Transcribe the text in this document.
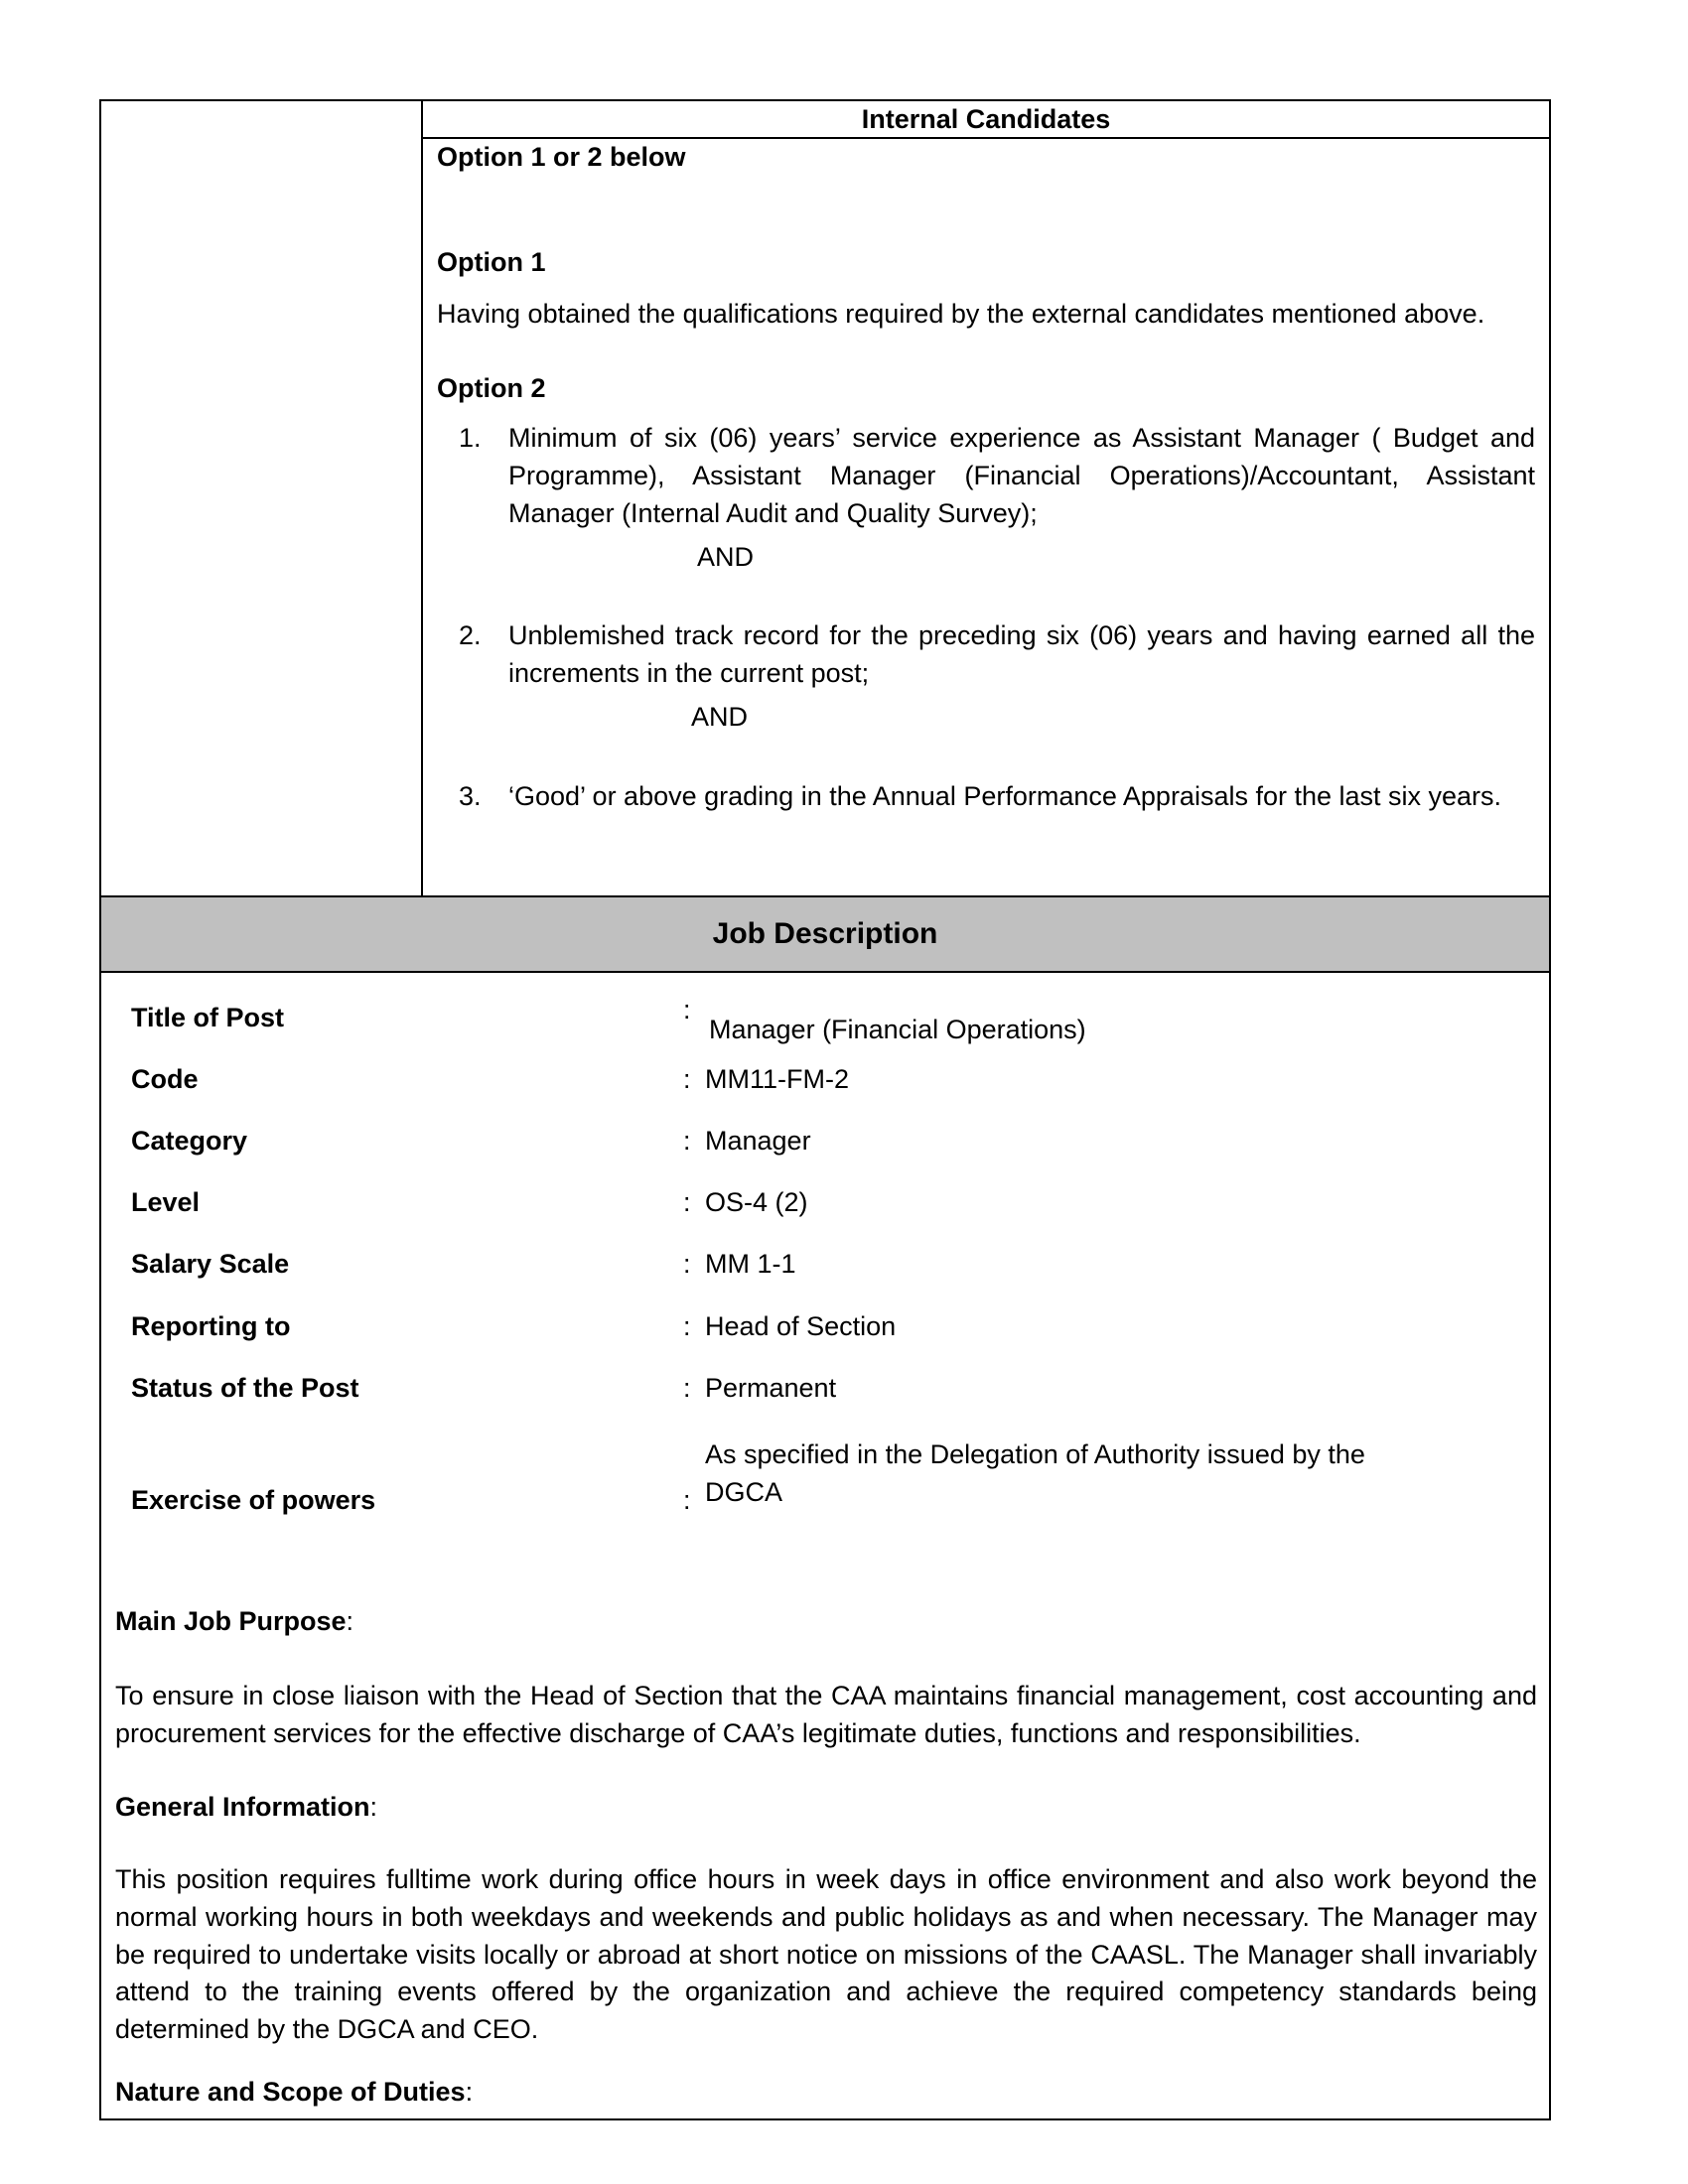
Internal Candidates
Option 1 or 2 below
Option 1
Having obtained the qualifications required by the external candidates mentioned above.
Option 2
1. Minimum of six (06) years’ service experience as Assistant Manager ( Budget and Programme), Assistant Manager (Financial Operations)/Accountant, Assistant Manager (Internal Audit and Quality Survey);
AND
2. Unblemished track record for the preceding six (06) years and having earned all the increments in the current post;
AND
3. ‘Good’ or above grading in the Annual Performance Appraisals for the last six years.
Job Description
Title of Post	:
Manager (Financial Operations)
Code	: MM11-FM-2
Category	: Manager
Level	: OS-4 (2)
Salary Scale	: MM 1-1
Reporting to	: Head of Section
Status of the Post	: Permanent
Exercise of powers	:
As specified in the Delegation of Authority issued by the DGCA
Main Job Purpose:
To ensure in close liaison with the Head of Section that the CAA maintains financial management, cost accounting and procurement services for the effective discharge of CAA’s legitimate duties, functions and responsibilities.
General Information:
This position requires fulltime work during office hours in week days in office environment and also work beyond the normal working hours in both weekdays and weekends and public holidays as and when necessary. The Manager may be required to undertake visits locally or abroad at short notice on missions of the CAASL. The Manager shall invariably attend to the training events offered by the organization and achieve the required competency standards being determined by the DGCA and CEO.
Nature and Scope of Duties:
